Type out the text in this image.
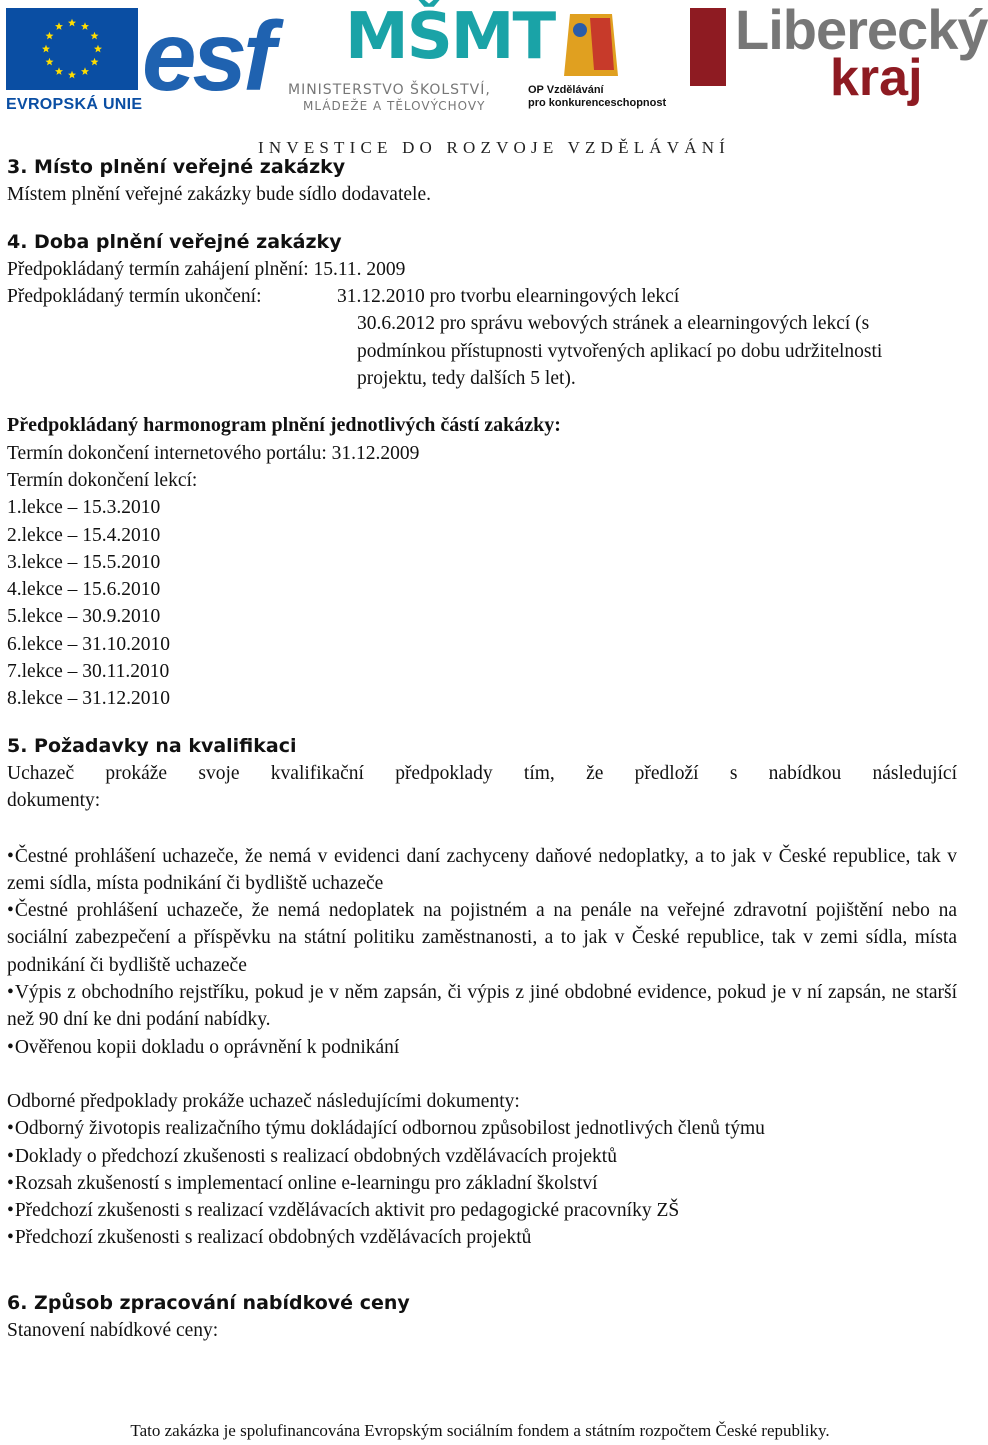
EVROPSKÁ UNIE esf MŠMT
MINISTERSTVO ŠKOLSTVÍ,
MLÁDEŽE A TĚLOVÝCHOVY
OP Vzdělávání
pro konkurenceschopnost
Liberecký
kraj
INVESTICE DO ROZVOJE VZDĚLÁVÁNÍ
3. Místo plnění veřejné zakázky

Místem plnění veřejné zakázky bude sídlo dodavatele.

4. Doba plnění veřejné zakázky

Předpokládaný termín zahájení plnění: 15.11. 2009

Předpokládaný termín ukončení:	31.12.2010 pro tvorbu elearningových lekcí

30.6.2012 pro správu webových stránek a elearningových lekcí (s podmínkou přístupnosti vytvořených aplikací po dobu udržitelnosti projektu, tedy dalších 5 let).

Předpokládaný harmonogram plnění jednotlivých částí zakázky:

Termín dokončení internetového portálu: 31.12.2009

Termín dokončení lekcí:

1.lekce – 15.3.2010

2.lekce – 15.4.2010

3.lekce – 15.5.2010

4.lekce – 15.6.2010

5.lekce – 30.9.2010

6.lekce – 31.10.2010

7.lekce – 30.11.2010

8.lekce – 31.12.2010

5. Požadavky na kvalifikaci

Uchazeč prokáže svoje kvalifikační předpoklady tím, že předloží s nabídkou následující

dokumenty:

• Čestné prohlášení uchazeče, že nemá v evidenci daní zachyceny daňové nedoplatky, a to jak v České republice, tak v zemi sídla, místa podnikání či bydliště uchazeče

• Čestné prohlášení uchazeče, že nemá nedoplatek na pojistném a na penále na veřejné zdravotní pojištění nebo na sociální zabezpečení a příspěvku na státní politiku zaměstnanosti, a to jak v České republice, tak v zemi sídla, místa podnikání či bydliště uchazeče

• Výpis z obchodního rejstříku, pokud je v něm zapsán, či výpis z jiné obdobné evidence, pokud je v ní zapsán, ne starší než 90 dní ke dni podání nabídky.

• Ověřenou kopii dokladu o oprávnění k podnikání

Odborné předpoklady prokáže uchazeč následujícími dokumenty:

• Odborný životopis realizačního týmu dokládající odbornou způsobilost jednotlivých členů týmu

• Doklady o předchozí zkušenosti s realizací obdobných vzdělávacích projektů

• Rozsah zkušeností s implementací online e-learningu pro základní školství

• Předchozí zkušenosti s realizací vzdělávacích aktivit pro pedagogické pracovníky ZŠ

• Předchozí zkušenosti s realizací obdobných vzdělávacích projektů

6. Způsob zpracování nabídkové ceny

Stanovení nabídkové ceny:

Tato zakázka je spolufinancována Evropským sociálním fondem a státním rozpočtem České republiky.
